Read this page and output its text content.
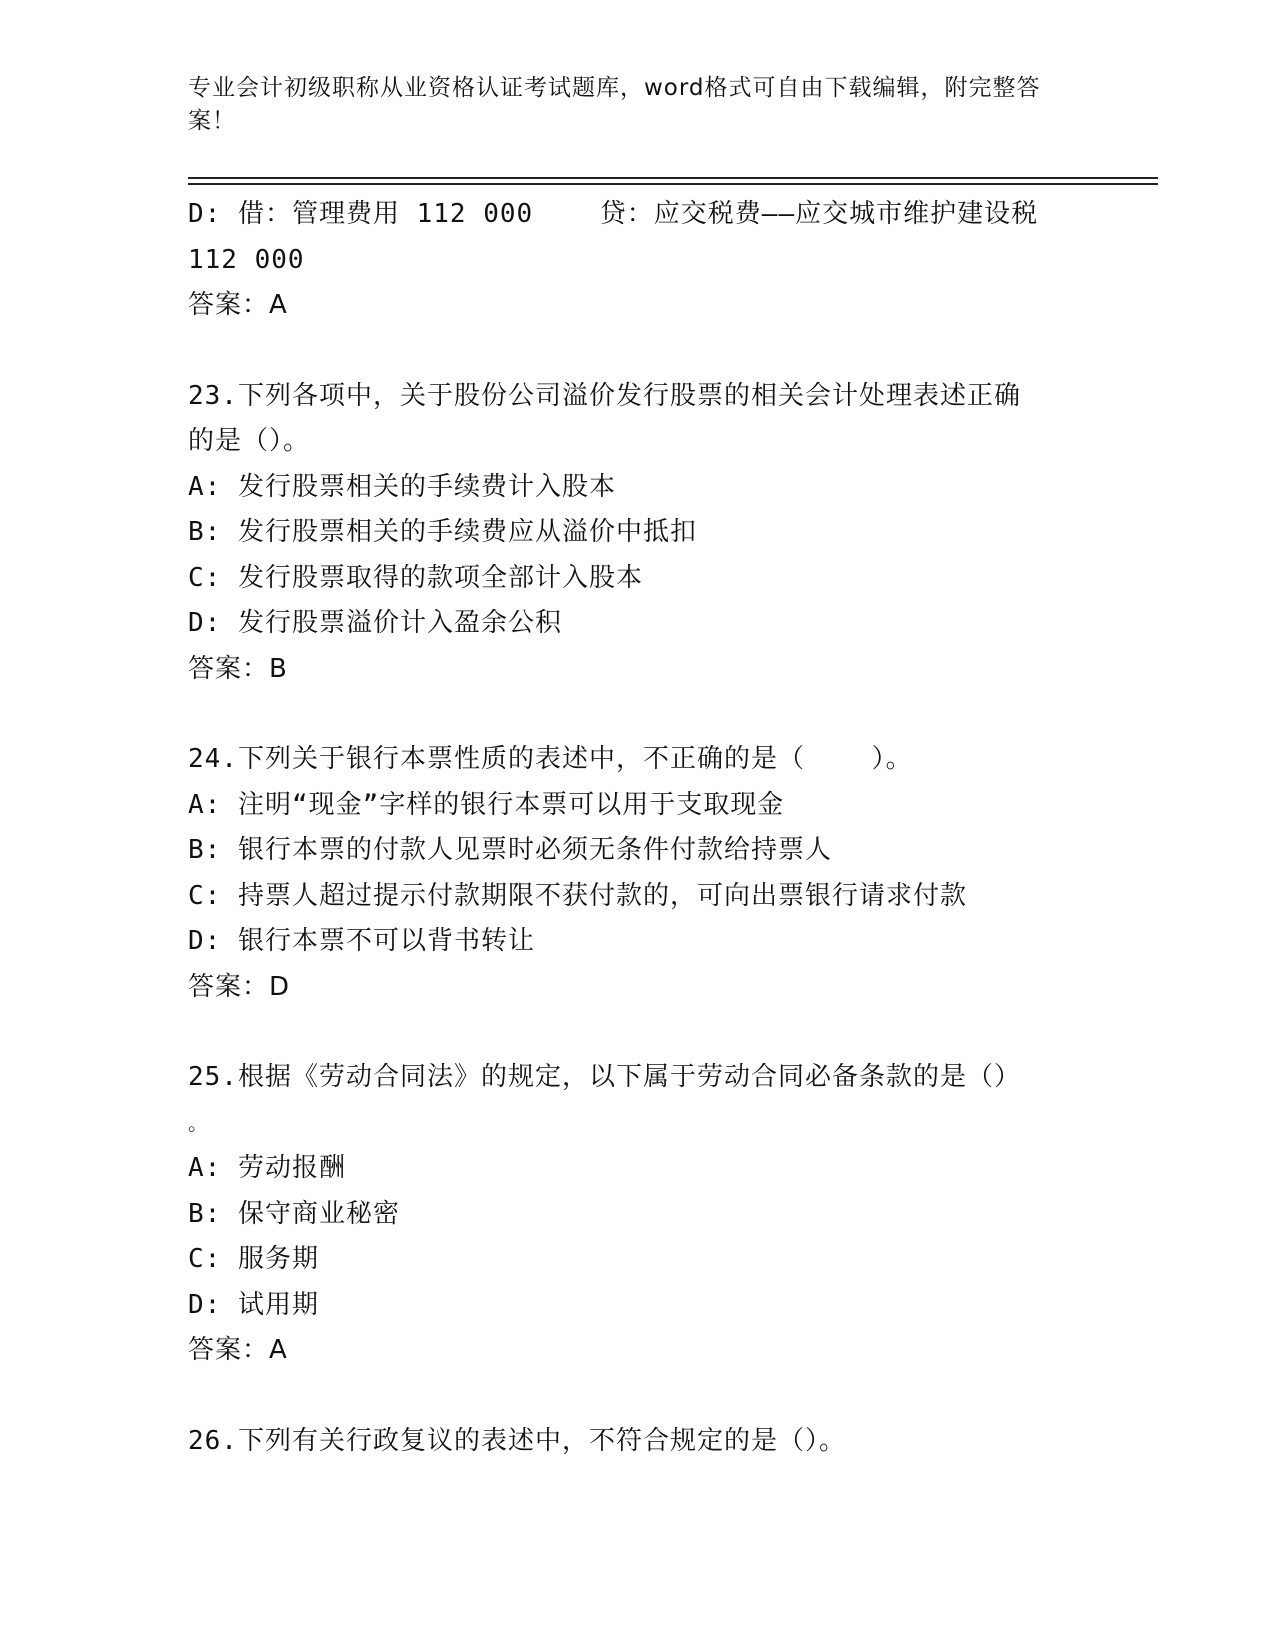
专业会计初级职称从业资格认证考试题库，word格式可自由下载编辑，附完整答
案！
D: 借：管理费用 112 000    贷：应交税费——应交城市维护建设税
112 000
答案：A
23.下列各项中，关于股份公司溢价发行股票的相关会计处理表述正确
的是（）。
A: 发行股票相关的手续费计入股本
B: 发行股票相关的手续费应从溢价中抵扣
C: 发行股票取得的款项全部计入股本
D: 发行股票溢价计入盈余公积
答案：B
24.下列关于银行本票性质的表述中，不正确的是（    ）。
A: 注明“现金”字样的银行本票可以用于支取现金
B: 银行本票的付款人见票时必须无条件付款给持票人
C: 持票人超过提示付款期限不获付款的，可向出票银行请求付款
D: 银行本票不可以背书转让
答案：D
25.根据《劳动合同法》的规定，以下属于劳动合同必备条款的是（）
。
A: 劳动报酬
B: 保守商业秘密
C: 服务期
D: 试用期
答案：A
26.下列有关行政复议的表述中，不符合规定的是（）。
